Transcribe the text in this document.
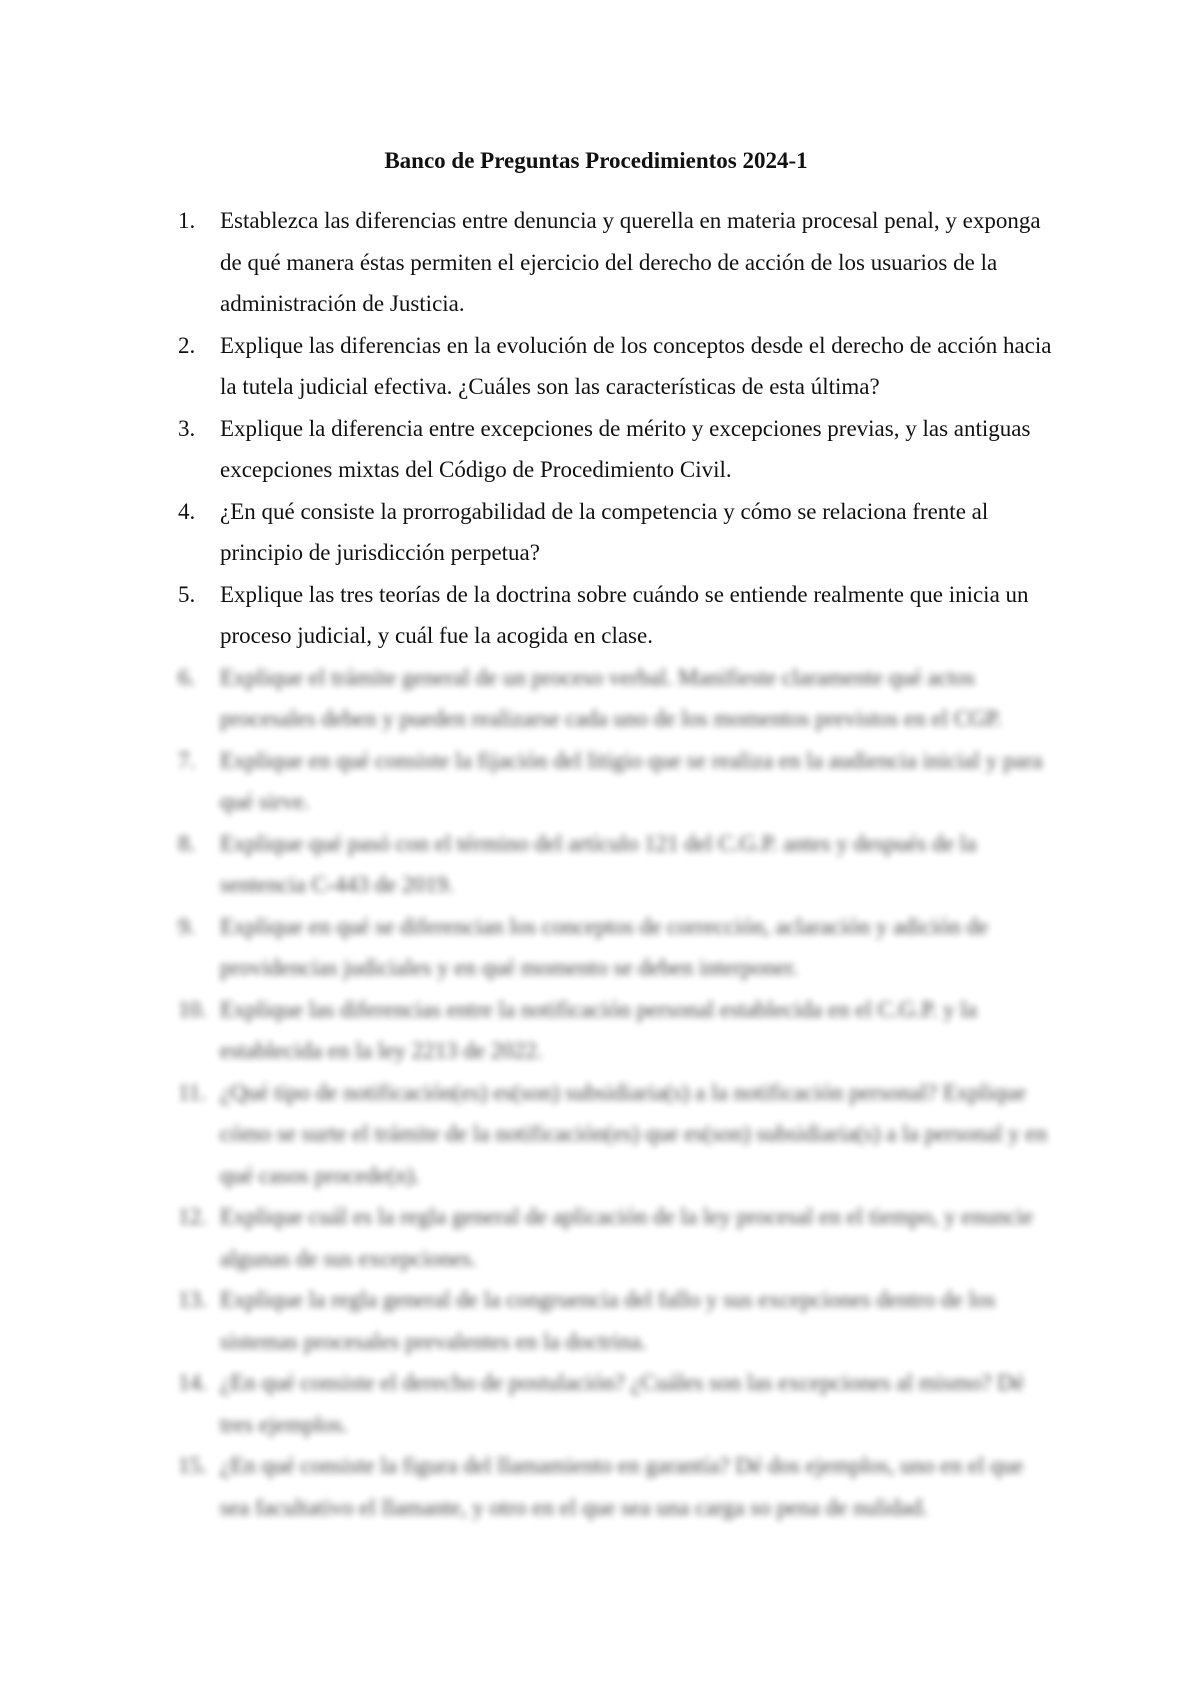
Banco de Preguntas Procedimientos 2024-1
1.	Establezca las diferencias entre denuncia y querella en materia procesal penal, y exponga de qué manera éstas permiten el ejercicio del derecho de acción de los usuarios de la administración de Justicia.
2.	Explique las diferencias en la evolución de los conceptos desde el derecho de acción hacia la tutela judicial efectiva. ¿Cuáles son las características de esta última?
3.	Explique la diferencia entre excepciones de mérito y excepciones previas, y las antiguas excepciones mixtas del Código de Procedimiento Civil.
4.	¿En qué consiste la prorrogabilidad de la competencia y cómo se relaciona frente al principio de jurisdicción perpetua?
5.	Explique las tres teorías de la doctrina sobre cuándo se entiende realmente que inicia un proceso judicial, y cuál fue la acogida en clase.
6.	Explique el trámite general de un proceso verbal. Manifieste claramente qué actos procesales deben y pueden realizarse cada uno de los momentos previstos en el CGP.
7.	Explique en qué consiste la fijación del litigio que se realiza en la audiencia inicial y para qué sirve.
8.	Explique qué pasó con el término del artículo 121 del C.G.P. antes y después de la sentencia C-443 de 2019.
9.	Explique en qué se diferencian los conceptos de corrección, aclaración y adición de providencias judiciales y en qué momento se deben interponer.
10. Explique las diferencias entre la notificación personal establecida en el C.G.P. y la establecida en la ley 2213 de 2022.
11. ¿Qué tipo de notificación(es) es(son) subsidiaria(s) a la notificación personal? Explique cómo se surte el trámite de la notificación(es) que es(son) subsidiaria(s) a la personal y en qué casos procede(n).
12. Explique cuál es la regla general de aplicación de la ley procesal en el tiempo, y enuncie algunas de sus excepciones.
13. Explique la regla general de la congruencia del fallo y sus excepciones dentro de los sistemas procesales prevalentes en la doctrina.
14. ¿En qué consiste el derecho de postulación? ¿Cuáles son las excepciones al mismo? Dé tres ejemplos.
15. ¿En qué consiste la figura del llamamiento en garantía? Dé dos ejemplos, uno en el que sea facultativo el llamante, y otro en el que sea una carga so pena de nulidad.
